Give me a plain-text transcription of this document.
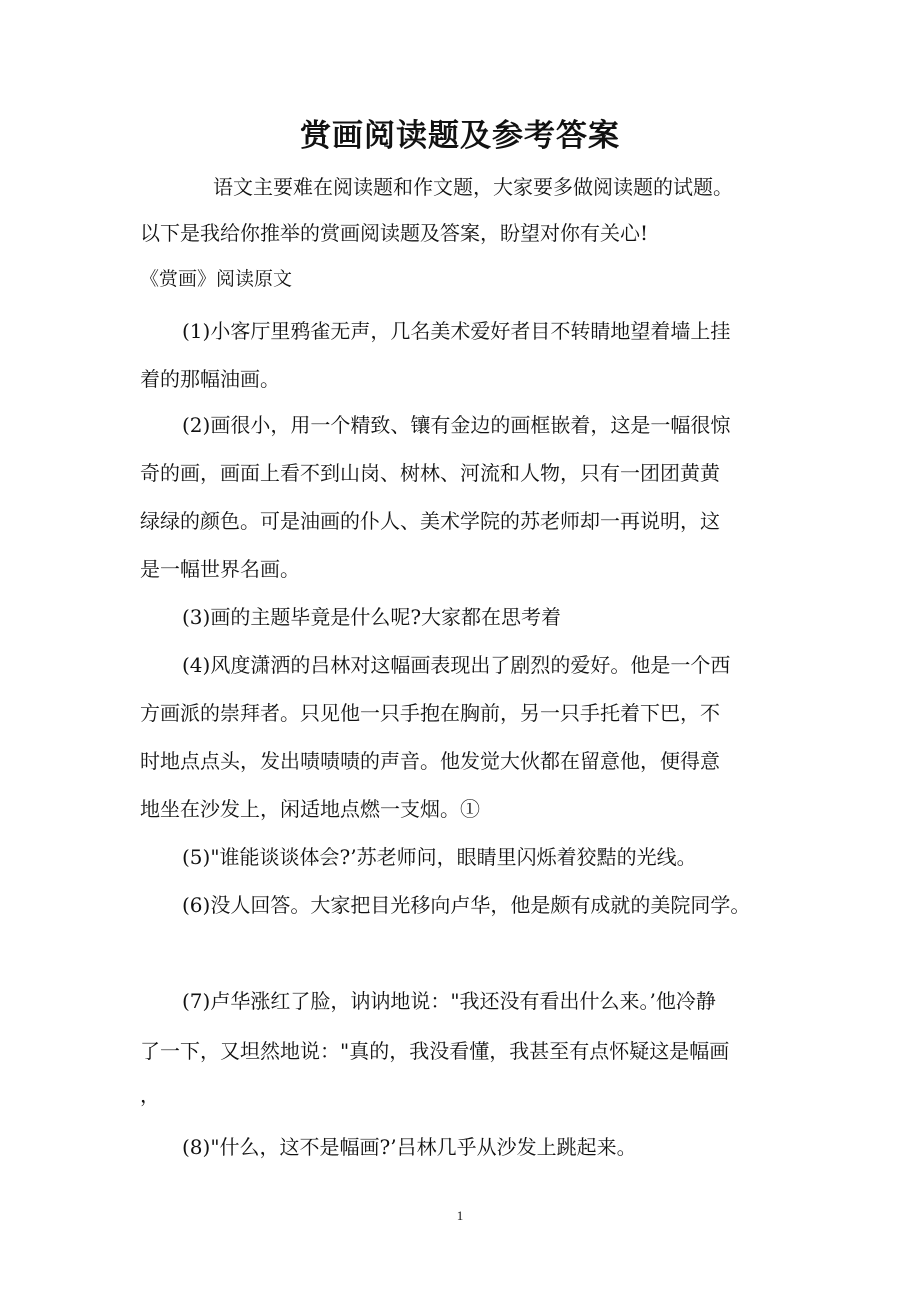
赏画阅读题及参考答案
语文主要难在阅读题和作文题，大家要多做阅读题的试题。
以下是我给你推举的赏画阅读题及答案，盼望对你有关心!
《赏画》阅读原文
(1)小客厅里鸦雀无声，几名美术爱好者目不转睛地望着墙上挂
着的那幅油画。
(2)画很小，用一个精致、镶有金边的画框嵌着，这是一幅很惊
奇的画，画面上看不到山岗、树林、河流和人物，只有一团团黄黄
绿绿的颜色。可是油画的仆人、美术学院的苏老师却一再说明，这
是一幅世界名画。
(3)画的主题毕竟是什么呢?大家都在思考着
(4)风度潇洒的吕林对这幅画表现出了剧烈的爱好。他是一个西
方画派的崇拜者。只见他一只手抱在胸前，另一只手托着下巴，不
时地点点头，发出啧啧啧的声音。他发觉大伙都在留意他，便得意
地坐在沙发上，闲适地点燃一支烟。①
(5)"谁能谈谈体会?’苏老师问，眼睛里闪烁着狡黠的光线。
(6)没人回答。大家把目光移向卢华，他是颇有成就的美院同学。
(7)卢华涨红了脸，讷讷地说："我还没有看出什么来。’他冷静
了一下，又坦然地说："真的，我没看懂，我甚至有点怀疑这是幅画
，
(8)"什么，这不是幅画?’吕林几乎从沙发上跳起来。
1
